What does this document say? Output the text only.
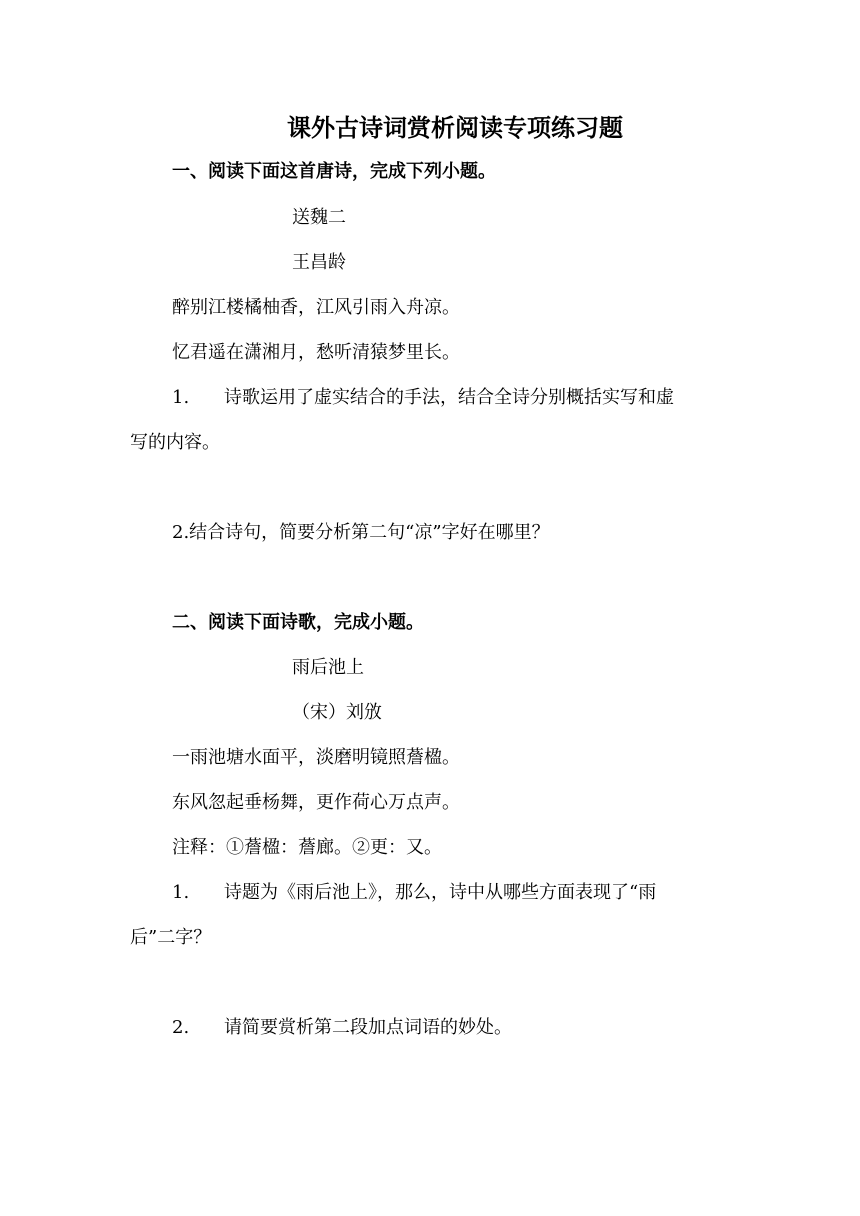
课外古诗词赏析阅读专项练习题
一、阅读下面这首唐诗，完成下列小题。
送魏二
王昌龄
醉别江楼橘柚香，江风引雨入舟凉。
忆君遥在潇湘月，愁听清猿梦里长。
1. 诗歌运用了虚实结合的手法，结合全诗分别概括实写和虚
写的内容。
2.结合诗句，简要分析第二句“凉”字好在哪里？
二、阅读下面诗歌，完成小题。
雨后池上
（宋）刘攽
一雨池塘水面平，淡磨明镜照薝楹。
东风忽起垂杨舞，更作荷心万点声。
注释：①薝楹：薝廊。②更：又。
1. 诗题为《雨后池上》，那么，诗中从哪些方面表现了“雨
后”二字？
2. 请简要赏析第二段加点词语的妙处。
